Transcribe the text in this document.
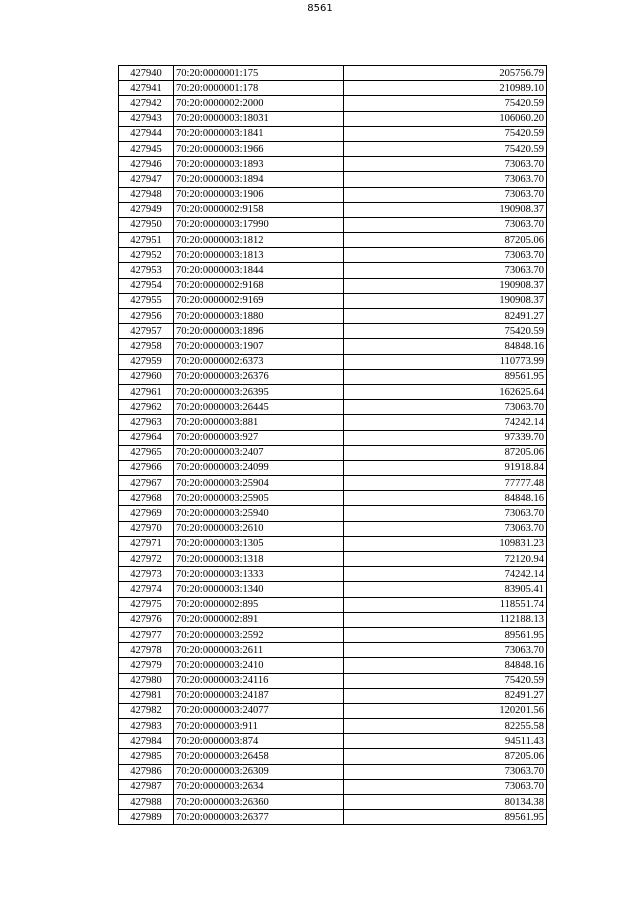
8561
427940	70:20:0000001:175	205756.79
427941	70:20:0000001:178	210989.10
427942	70:20:0000002:2000	75420.59
427943	70:20:0000003:18031	106060.20
427944	70:20:0000003:1841	75420.59
427945	70:20:0000003:1966	75420.59
427946	70:20:0000003:1893	73063.70
427947	70:20:0000003:1894	73063.70
427948	70:20:0000003:1906	73063.70
427949	70:20:0000002:9158	190908.37
427950	70:20:0000003:17990	73063.70
427951	70:20:0000003:1812	87205.06
427952	70:20:0000003:1813	73063.70
427953	70:20:0000003:1844	73063.70
427954	70:20:0000002:9168	190908.37
427955	70:20:0000002:9169	190908.37
427956	70:20:0000003:1880	82491.27
427957	70:20:0000003:1896	75420.59
427958	70:20:0000003:1907	84848.16
427959	70:20:0000002:6373	110773.99
427960	70:20:0000003:26376	89561.95
427961	70:20:0000003:26395	162625.64
427962	70:20:0000003:26445	73063.70
427963	70:20:0000003:881	74242.14
427964	70:20:0000003:927	97339.70
427965	70:20:0000003:2407	87205.06
427966	70:20:0000003:24099	91918.84
427967	70:20:0000003:25904	77777.48
427968	70:20:0000003:25905	84848.16
427969	70:20:0000003:25940	73063.70
427970	70:20:0000003:2610	73063.70
427971	70:20:0000003:1305	109831.23
427972	70:20:0000003:1318	72120.94
427973	70:20:0000003:1333	74242.14
427974	70:20:0000003:1340	83905.41
427975	70:20:0000002:895	118551.74
427976	70:20:0000002:891	112188.13
427977	70:20:0000003:2592	89561.95
427978	70:20:0000003:2611	73063.70
427979	70:20:0000003:2410	84848.16
427980	70:20:0000003:24116	75420.59
427981	70:20:0000003:24187	82491.27
427982	70:20:0000003:24077	120201.56
427983	70:20:0000003:911	82255.58
427984	70:20:0000003:874	94511.43
427985	70:20:0000003:26458	87205.06
427986	70:20:0000003:26309	73063.70
427987	70:20:0000003:2634	73063.70
427988	70:20:0000003:26360	80134.38
427989	70:20:0000003:26377	89561.95
